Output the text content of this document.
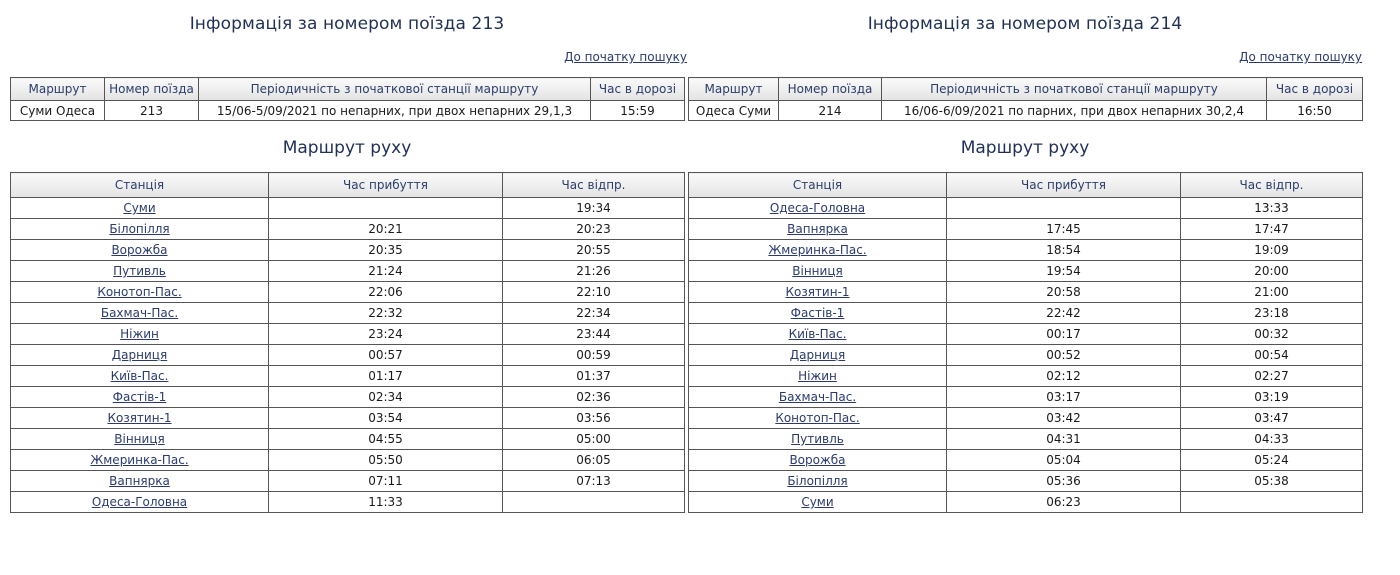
Інформація за номером поїзда 213
До початку пошуку
Маршрут	Номер поїзда	Періодичність з початкової станції маршруту	Час в дорозі
Суми Одеса	213	15/06-5/09/2021 по непарних, при двох непарних 29,1,3	15:59
Маршрут руху
Станція	Час прибуття	Час відпр.
Суми		19:34
Білопілля	20:21	20:23
Ворожба	20:35	20:55
Путивль	21:24	21:26
Конотоп-Пас.	22:06	22:10
Бахмач-Пас.	22:32	22:34
Ніжин	23:24	23:44
Дарниця	00:57	00:59
Київ-Пас.	01:17	01:37
Фастів-1	02:34	02:36
Козятин-1	03:54	03:56
Вінниця	04:55	05:00
Жмеринка-Пас.	05:50	06:05
Вапнярка	07:11	07:13
Одеса-Головна	11:33	
Інформація за номером поїзда 214
До початку пошуку
Маршрут	Номер поїзда	Періодичність з початкової станції маршруту	Час в дорозі
Одеса Суми	214	16/06-6/09/2021 по парних, при двох непарних 30,2,4	16:50
Маршрут руху
Станція	Час прибуття	Час відпр.
Одеса-Головна		13:33
Вапнярка	17:45	17:47
Жмеринка-Пас.	18:54	19:09
Вінниця	19:54	20:00
Козятин-1	20:58	21:00
Фастів-1	22:42	23:18
Київ-Пас.	00:17	00:32
Дарниця	00:52	00:54
Ніжин	02:12	02:27
Бахмач-Пас.	03:17	03:19
Конотоп-Пас.	03:42	03:47
Путивль	04:31	04:33
Ворожба	05:04	05:24
Білопілля	05:36	05:38
Суми	06:23	
